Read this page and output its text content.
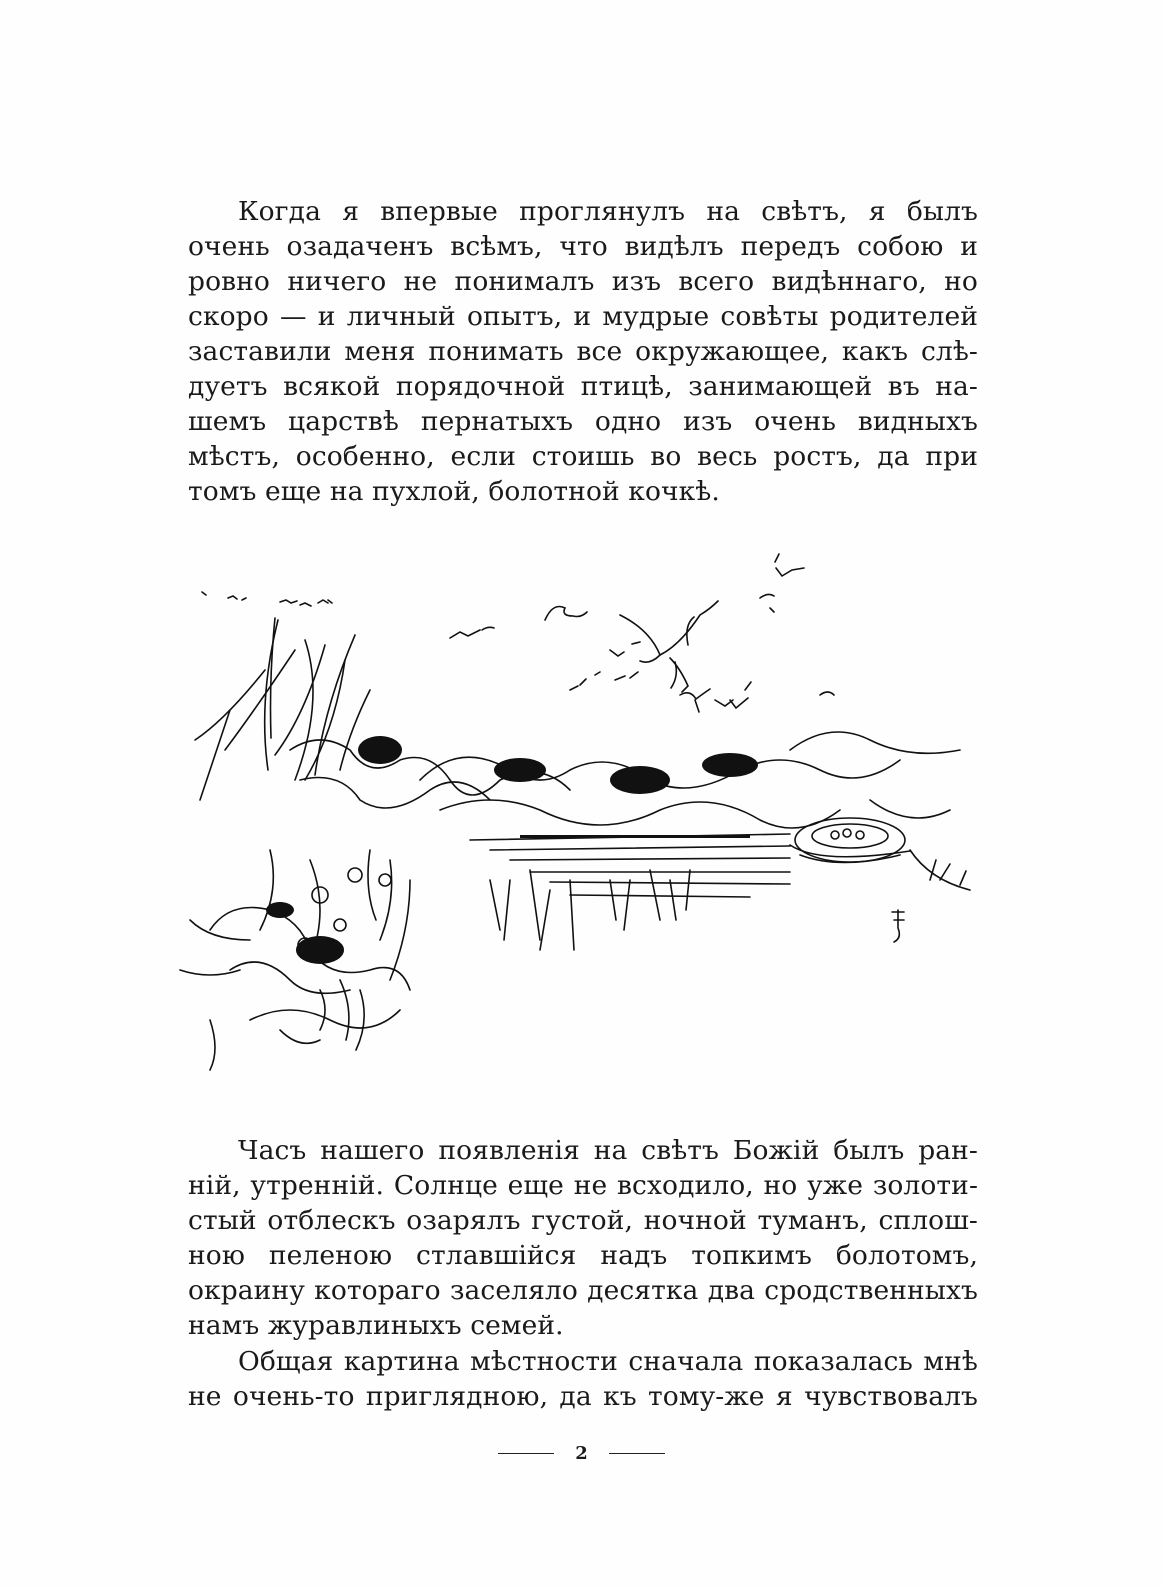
Когда я впервые проглянулъ на свѣтъ, я былъ
очень озадаченъ всѣмъ, что видѣлъ передъ собою и
ровно ничего не понималъ изъ всего видѣннаго, но
скоро — и личный опытъ, и мудрые совѣты родителей
заставили меня понимать все окружающее, какъ слѣ-
дуетъ всякой порядочной птицѣ, занимающей въ на-
шемъ царствѣ пернатыхъ одно изъ очень видныхъ
мѣстъ, особенно, если стоишь во весь ростъ, да при
томъ еще на пухлой, болотной кочкѣ.
Часъ нашего появленія на свѣтъ Божій былъ ран-
ній, утренній. Солнце еще не всходило, но уже золоти-
стый отблескъ озарялъ густой, ночной туманъ, сплош-
ною пеленою стлавшійся надъ топкимъ болотомъ,
окраину котораго заселяло десятка два сродственныхъ
намъ журавлиныхъ семей.
Общая картина мѣстности сначала показалась мнѣ
не очень-то приглядною, да къ тому-же я чувствовалъ
2
